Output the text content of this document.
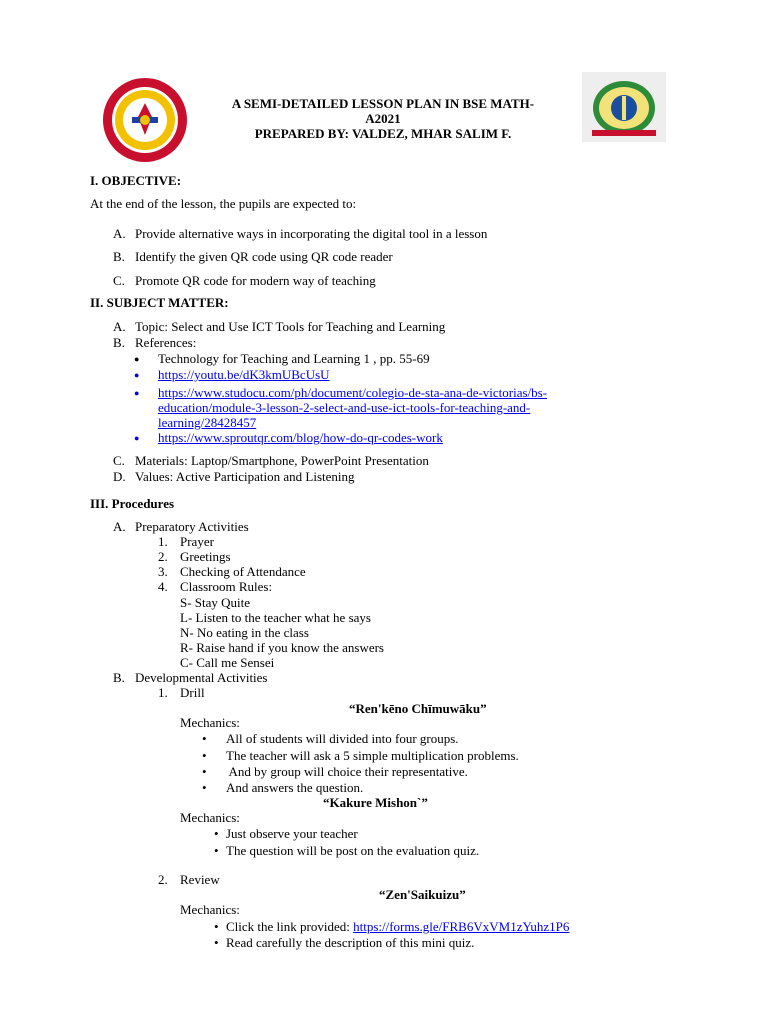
A SEMI-DETAILED LESSON PLAN IN BSE MATH-
A2021
PREPARED BY: VALDEZ, MHAR SALIM F.
I. OBJECTIVE:
At the end of the lesson, the pupils are expected to:
A. Provide alternative ways in incorporating the digital tool in a lesson
B. Identify the given QR code using QR code reader
C. Promote QR code for modern way of teaching
II. SUBJECT MATTER:
A. Topic: Select and Use ICT Tools for Teaching and Learning
B. References:
● Technology for Teaching and Learning 1 , pp. 55-69
● https://youtu.be/dK3kmUBcUsU
● https://www.studocu.com/ph/document/colegio-de-sta-ana-de-victorias/bs-
education/module-3-lesson-2-select-and-use-ict-tools-for-teaching-and-
learning/28428457
● https://www.sproutqr.com/blog/how-do-qr-codes-work
C. Materials: Laptop/Smartphone, PowerPoint Presentation
D. Values: Active Participation and Listening
III. Procedures
A. Preparatory Activities
1. Prayer
2. Greetings
3. Checking of Attendance
4. Classroom Rules:
S- Stay Quite
L- Listen to the teacher what he says
N- No eating in the class
R- Raise hand if you know the answers
C- Call me Sensei
B. Developmental Activities
1. Drill
“Ren'kēno Chīmuwāku”
Mechanics:
• All of students will divided into four groups.
• The teacher will ask a 5 simple multiplication problems.
•  And by group will choice their representative.
• And answers the question.
“Kakure Mishon`”
Mechanics:
• Just observe your teacher
• The question will be post on the evaluation quiz.
2. Review
“Zen'Saikuizu”
Mechanics:
• Click the link provided: https://forms.gle/FRB6VxVM1zYuhz1P6
• Read carefully the description of this mini quiz.
